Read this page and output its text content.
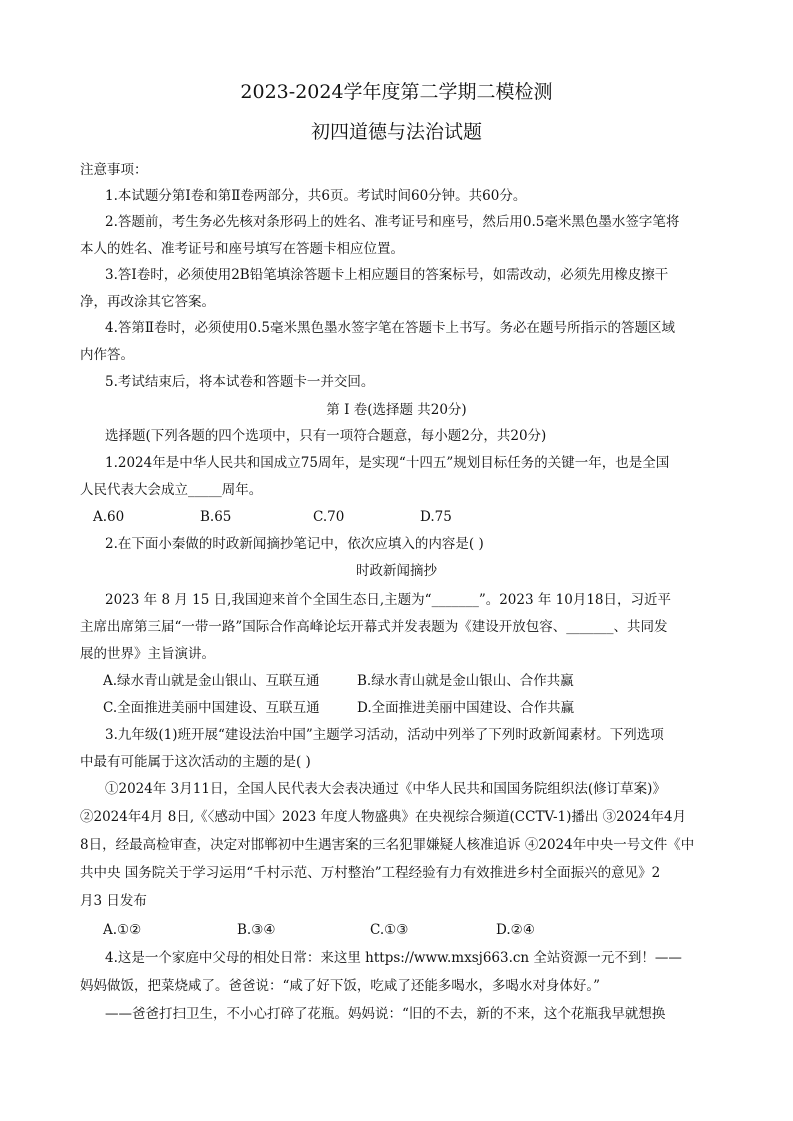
2023-2024学年度第二学期二模检测
初四道德与法治试题
注意事项：
1.本试题分第Ⅰ卷和第Ⅱ卷两部分，共6页。考试时间60分钟。共60分。
2.答题前，考生务必先核对条形码上的姓名、准考证号和座号，然后用0.5毫米黑色墨水签字笔将
本人的姓名、准考证号和座号填写在答题卡相应位置。
3.答Ⅰ卷时，必须使用2B铅笔填涂答题卡上相应题目的答案标号，如需改动，必须先用橡皮擦干
净，再改涂其它答案。
4.答第Ⅱ卷时，必须使用0.5毫米黑色墨水签字笔在答题卡上书写。务必在题号所指示的答题区域
内作答。
5.考试结束后，将本试卷和答题卡一并交回。
第 Ⅰ 卷(选择题 共20分)
选择题(下列各题的四个选项中，只有一项符合题意，每小题2分，共20分)
1.2024年是中华人民共和国成立75周年，是实现“十四五”规划目标任务的关键一年，也是全国
人民代表大会成立_____周年。
A.60	B.65	C.70	D.75
2.在下面小秦做的时政新闻摘抄笔记中，依次应填入的内容是( )
时政新闻摘抄
2023 年 8 月 15 日,我国迎来首个全国生态日,主题为“_______”。2023 年 10月18日，习近平
主席出席第三届“一带一路”国际合作高峰论坛开幕式并发表题为《建设开放包容、_______、共同发
展的世界》主旨演讲。
A.绿水青山就是金山银山、互联互通	B.绿水青山就是金山银山、合作共赢
C.全面推进美丽中国建设、互联互通	D.全面推进美丽中国建设、合作共赢
3.九年级(1)班开展“建设法治中国”主题学习活动，活动中列举了下列时政新闻素材。下列选项
中最有可能属于这次活动的主题的是( )
①2024年 3月11日，全国人民代表大会表决通过《中华人民共和国国务院组织法(修订草案)》
②2024年4月 8日,《〈感动中国〉2023 年度人物盛典》在央视综合频道(CCTV-1)播出 ③2024年4月
8日，经最高检审查，决定对邯郸初中生遇害案的三名犯罪嫌疑人核准追诉 ④2024年中央一号文件《中
共中央 国务院关于学习运用“千村示范、万村整治”工程经验有力有效推进乡村全面振兴的意见》2
月3 日发布
A.①②	B.③④	C.①③	D.②④
4.这是一个家庭中父母的相处日常：来这里 https://www.mxsj663.cn 全站资源一元不到！——
妈妈做饭，把菜烧咸了。爸爸说：“咸了好下饭，吃咸了还能多喝水，多喝水对身体好。”
——爸爸打扫卫生，不小心打碎了花瓶。妈妈说：“旧的不去，新的不来，这个花瓶我早就想换
